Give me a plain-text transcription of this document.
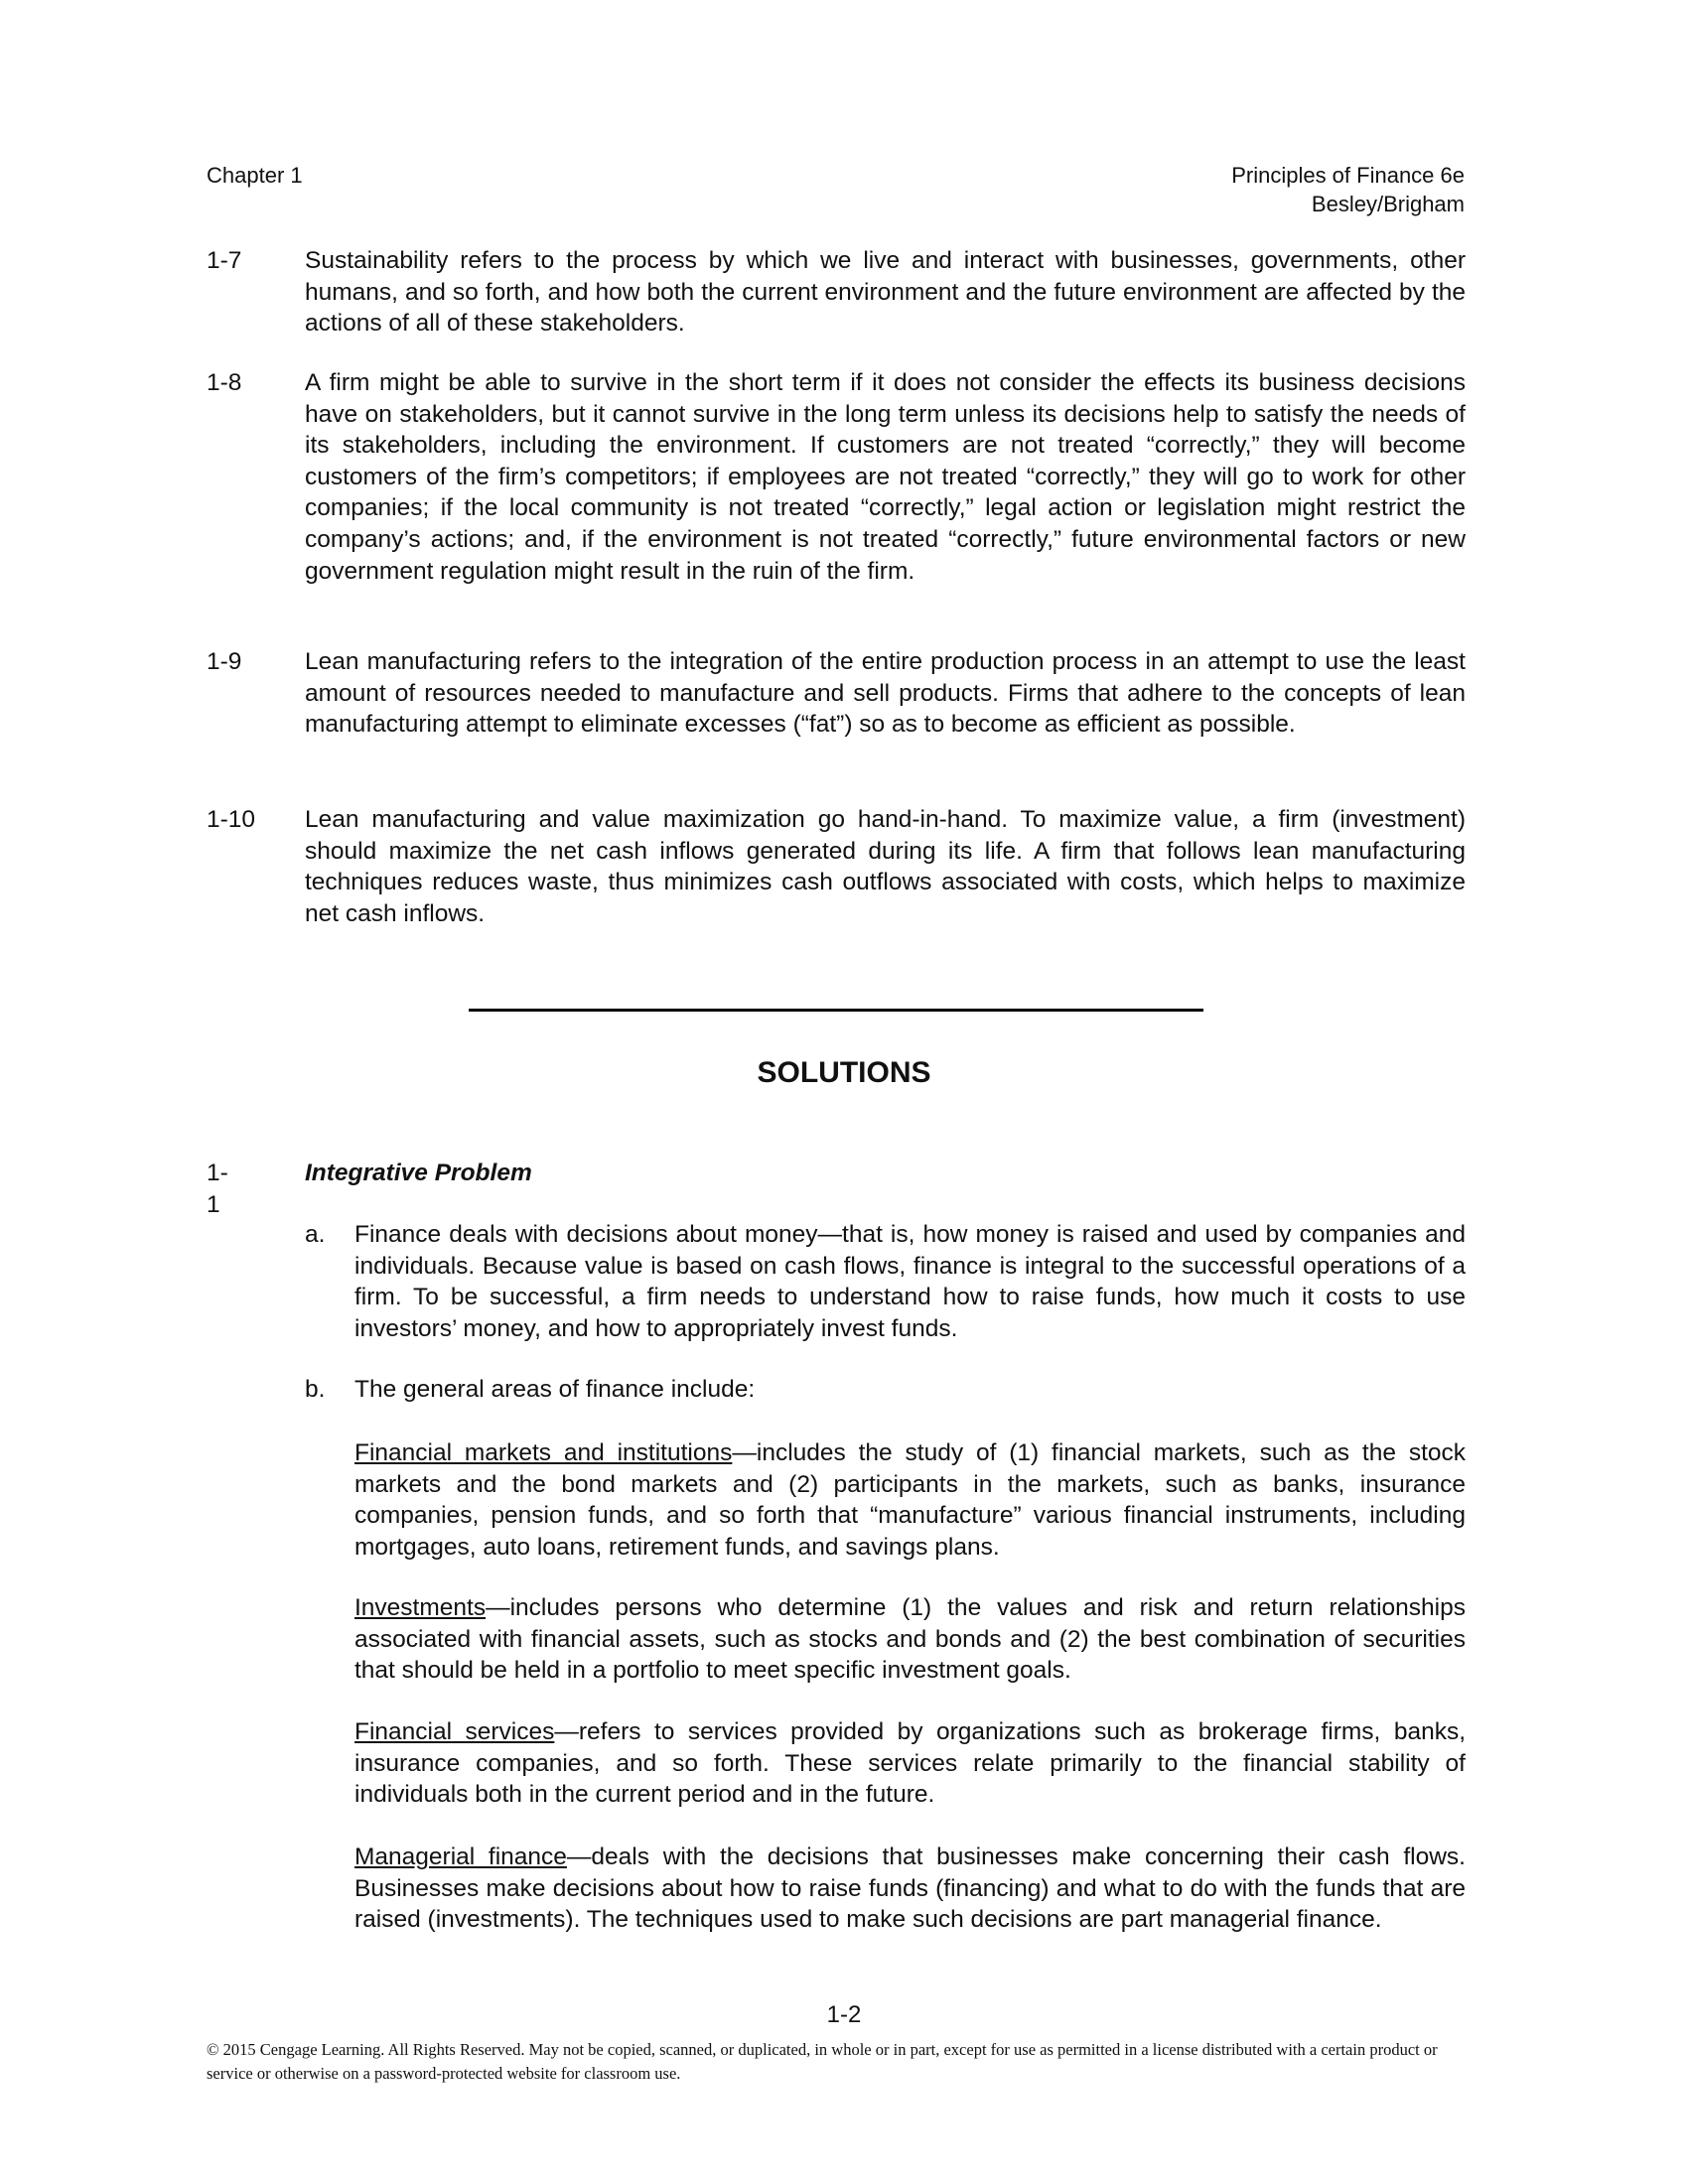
Chapter 1	Principles of Finance 6e
Besley/Brigham
1-7	Sustainability refers to the process by which we live and interact with businesses, governments, other humans, and so forth, and how both the current environment and the future environment are affected by the actions of all of these stakeholders.
1-8	A firm might be able to survive in the short term if it does not consider the effects its business decisions have on stakeholders, but it cannot survive in the long term unless its decisions help to satisfy the needs of its stakeholders, including the environment. If customers are not treated “correctly,” they will become customers of the firm’s competitors; if employees are not treated “correctly,” they will go to work for other companies; if the local community is not treated “correctly,” legal action or legislation might restrict the company’s actions; and, if the environment is not treated “correctly,” future environmental factors or new government regulation might result in the ruin of the firm.
1-9	Lean manufacturing refers to the integration of the entire production process in an attempt to use the least amount of resources needed to manufacture and sell products. Firms that adhere to the concepts of lean manufacturing attempt to eliminate excesses (“fat”) so as to become as efficient as possible.
1-10 Lean manufacturing and value maximization go hand-in-hand. To maximize value, a firm (investment) should maximize the net cash inflows generated during its life. A firm that follows lean manufacturing techniques reduces waste, thus minimizes cash outflows associated with costs, which helps to maximize net cash inflows.
SOLUTIONS
1-1
Integrative Problem
a. Finance deals with decisions about money—that is, how money is raised and used by companies and individuals. Because value is based on cash flows, finance is integral to the successful operations of a firm. To be successful, a firm needs to understand how to raise funds, how much it costs to use investors’ money, and how to appropriately invest funds.
b. The general areas of finance include:
Financial markets and institutions—includes the study of (1) financial markets, such as the stock markets and the bond markets and (2) participants in the markets, such as banks, insurance companies, pension funds, and so forth that “manufacture” various financial instruments, including mortgages, auto loans, retirement funds, and savings plans.
Investments—includes persons who determine (1) the values and risk and return relationships associated with financial assets, such as stocks and bonds and (2) the best combination of securities that should be held in a portfolio to meet specific investment goals.
Financial services—refers to services provided by organizations such as brokerage firms, banks, insurance companies, and so forth. These services relate primarily to the financial stability of individuals both in the current period and in the future.
Managerial finance—deals with the decisions that businesses make concerning their cash flows. Businesses make decisions about how to raise funds (financing) and what to do with the funds that are raised (investments). The techniques used to make such decisions are part managerial finance.
1-2
© 2015 Cengage Learning. All Rights Reserved. May not be copied, scanned, or duplicated, in whole or in part, except for use as permitted in a license distributed with a certain product or service or otherwise on a password-protected website for classroom use.
